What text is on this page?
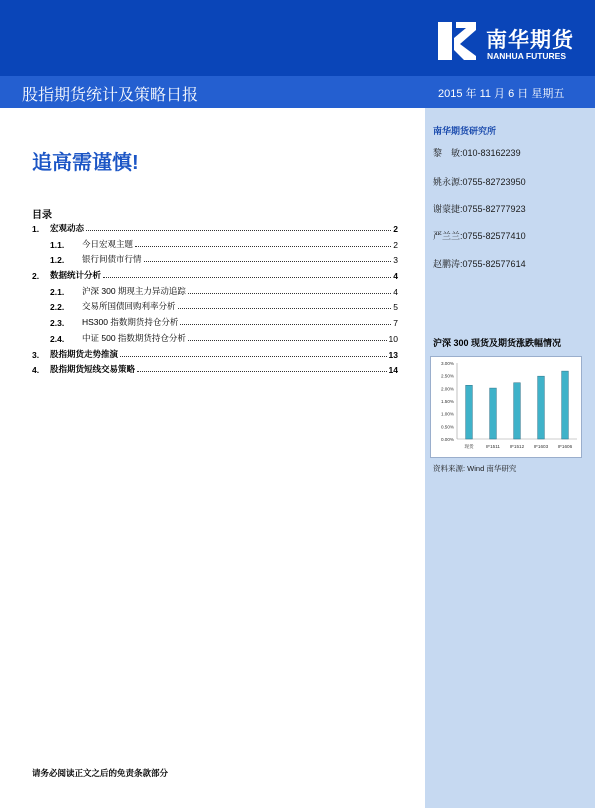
南华期货
NANHUA FUTURES
股指期货统计及策略日报	2015 年 11 月 6 日 星期五
南华期货研究所
黎　敏:010-83162239
姚永源:0755-82723950
谢蒙捷:0755-82777923
严兰兰:0755-82577410
赵鹏涛:0755-82577614
沪深 300 现货及期货涨跌幅情况
0.00%
0.50%
1.00%
1.50%
2.00%
2.50%
3.00%
现货	IF1511 IF1512 IF1603 IF1606
资料来源: Wind 南华研究
追高需谨慎!
目录
1.	宏观动态	2
1.1.	今日宏观主题	2
1.2.	银行间债市行情	3
2.	数据统计分析	4
2.1.	沪深 300 期现主力异动追踪	4
2.2.	交易所国债回购利率分析	5
2.3.	HS300 指数期货持仓分析	7
2.4.	中证 500 指数期货持仓分析	10
3.	股指期货走势推演	13
4.	股指期货短线交易策略	14
请务必阅读正文之后的免责条款部分
